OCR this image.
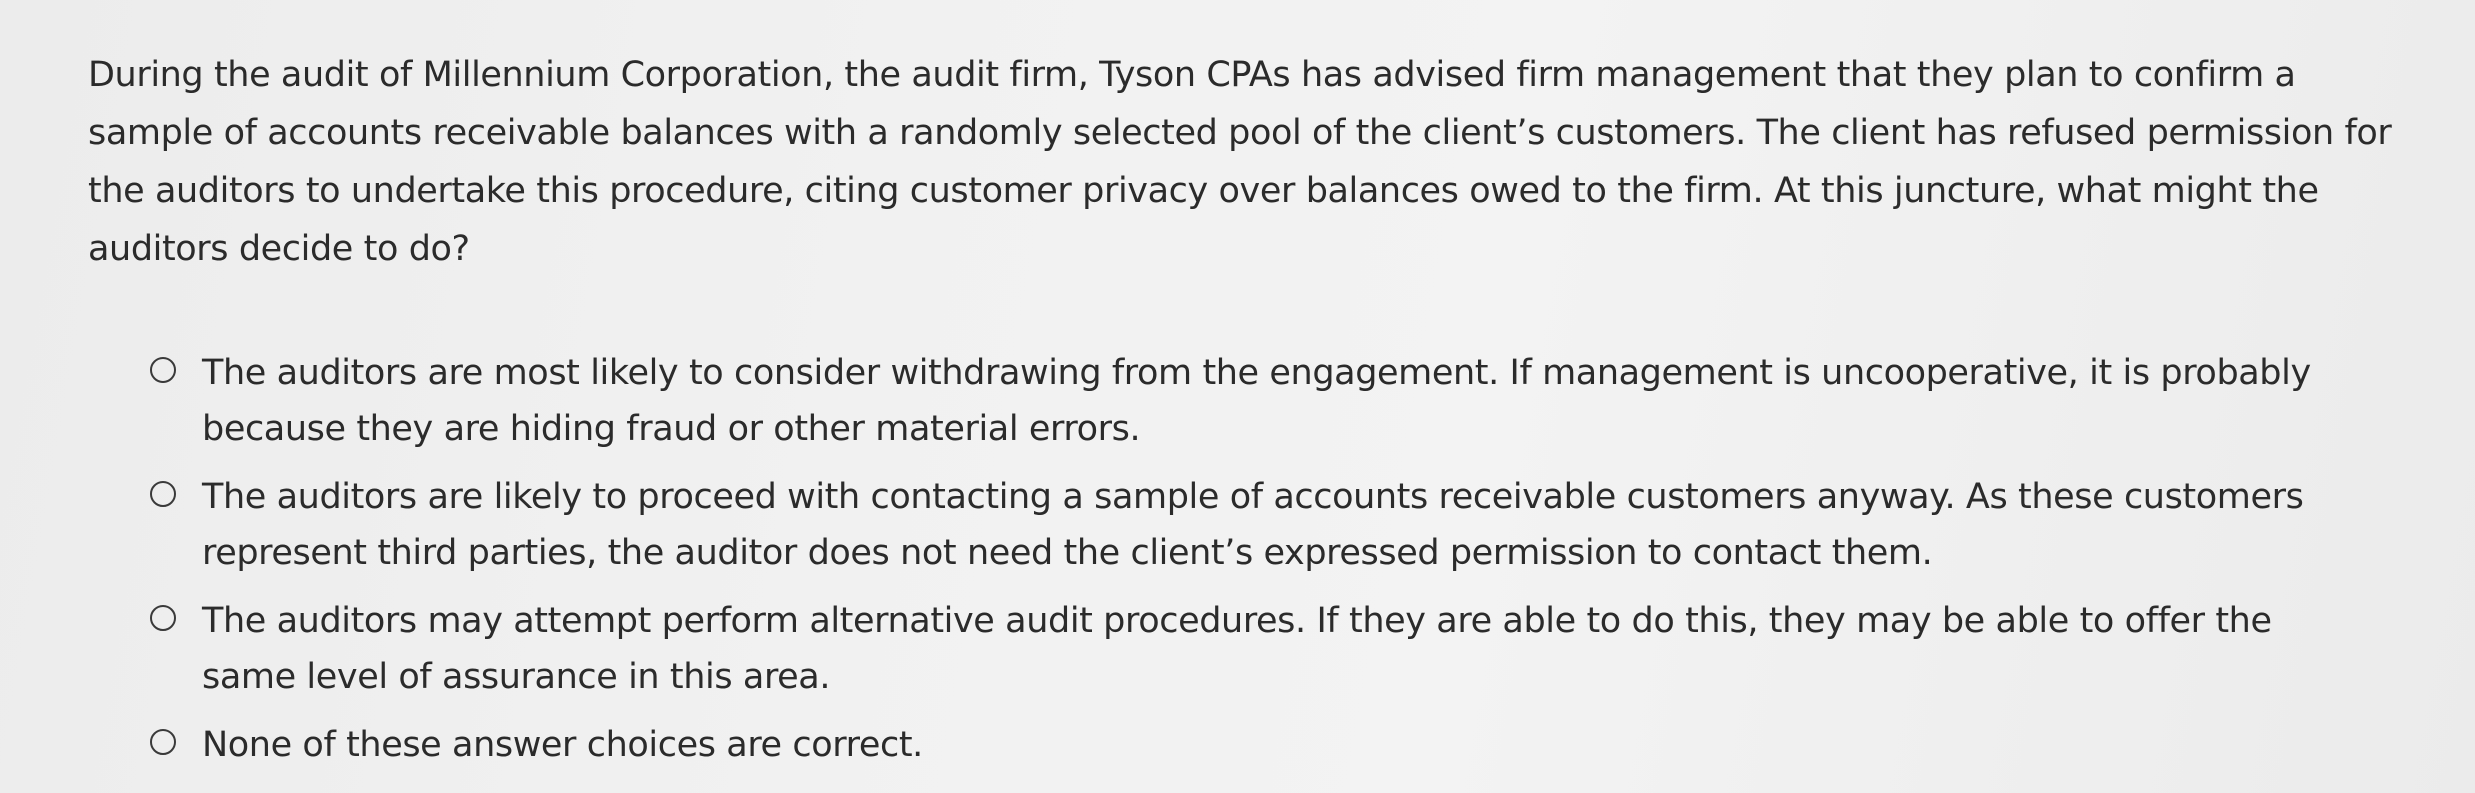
During the audit of Millennium Corporation, the audit firm, Tyson CPAs has advised firm management that they plan to confirm a sample of accounts receivable balances with a randomly selected pool of the client’s customers. The client has refused permission for the auditors to undertake this procedure, citing customer privacy over balances owed to the firm. At this juncture, what might the auditors decide to do?

The auditors are most likely to consider withdrawing from the engagement. If management is uncooperative, it is probably because they are hiding fraud or other material errors.
The auditors are likely to proceed with contacting a sample of accounts receivable customers anyway. As these customers represent third parties, the auditor does not need the client’s expressed permission to contact them.
The auditors may attempt perform alternative audit procedures. If they are able to do this, they may be able to offer the same level of assurance in this area.
None of these answer choices are correct.
